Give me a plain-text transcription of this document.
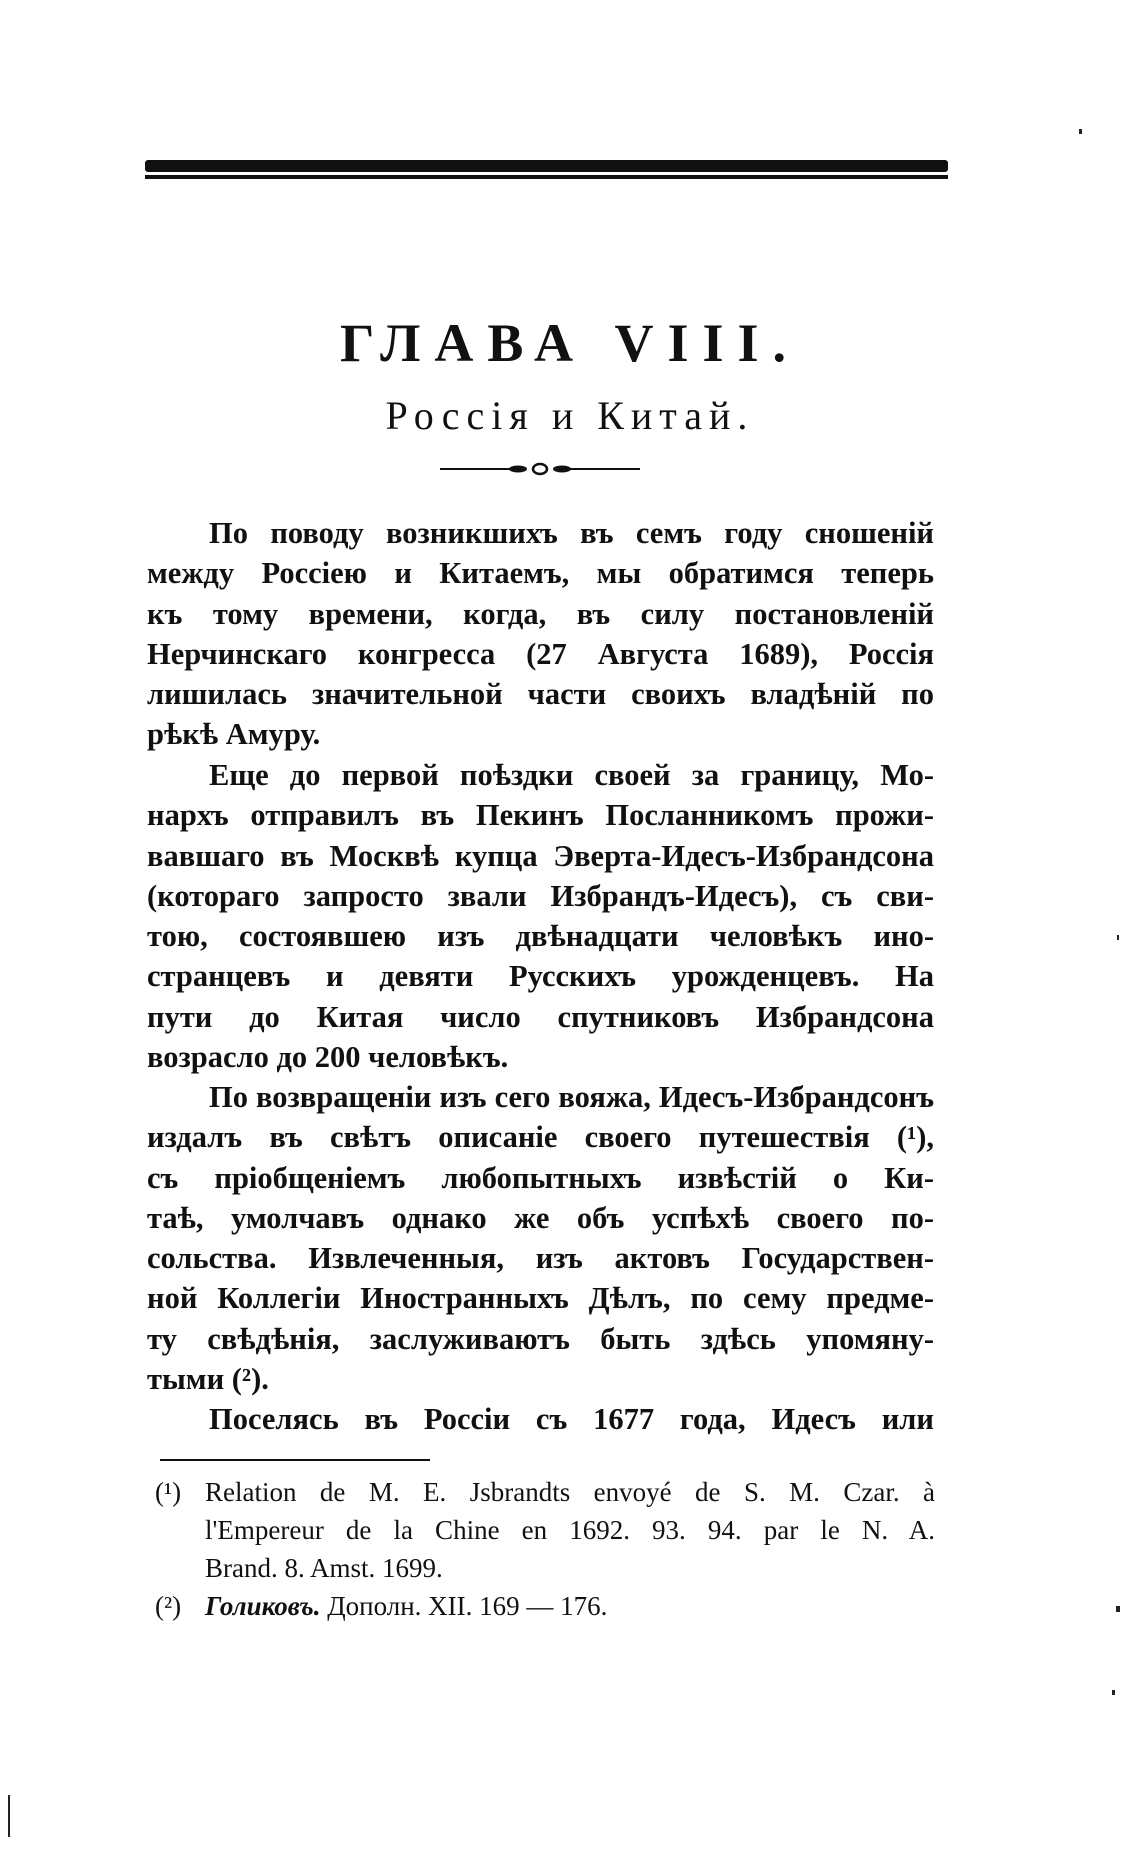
ГЛАВА VIII.
Россія и Китай.
По поводу возникшихъ въ семъ году сношеній
между Россiею и Китаемъ, мы обратимся теперь
къ тому времени, когда, въ силу постановленій
Нерчинскаго конгресса (27 Августа 1689), Россія
лишилась значительной части своихъ владѣній по
рѣкѣ Амуру.
Еще до первой поѣздки своей за границу, Мо-
нархъ отправилъ въ Пекинъ Посланникомъ прожи-
вавшаго въ Москвѣ купца Эверта-Идесъ-Избрандсона
(котораго запросто звали Избрандъ-Идесъ), съ сви-
тою, состоявшею изъ двѣнадцати человѣкъ ино-
странцевъ и девяти Русскихъ урожденцевъ. На
пути до Китая число спутниковъ Избрандсона
возрасло до 200 человѣкъ.
По возвращеніи изъ сего вояжа, Идесъ-Избрандсонъ
издалъ въ свѣтъ описаніе своего путешествія (¹),
съ пріобщеніемъ любопытныхъ извѣстій о Ки-
таѣ, умолчавъ однако же объ успѣхѣ своего по-
сольства. Извлеченныя, изъ актовъ Государствен-
ной Коллегіи Иностранныхъ Дѣлъ, по сему предме-
ту свѣдѣнія, заслуживаютъ быть здѣсь упомяну-
тыми (²).
Поселясь въ Россіи съ 1677 года, Идесъ или
(¹) Relation de M. E. Jsbrandts envoyé de S. M. Czar. à
l'Empereur de la Chine en 1692. 93. 94. par le N. A.
Brand. 8. Amst. 1699.
(²) Голиковъ. Дополн. XII. 169 — 176.
